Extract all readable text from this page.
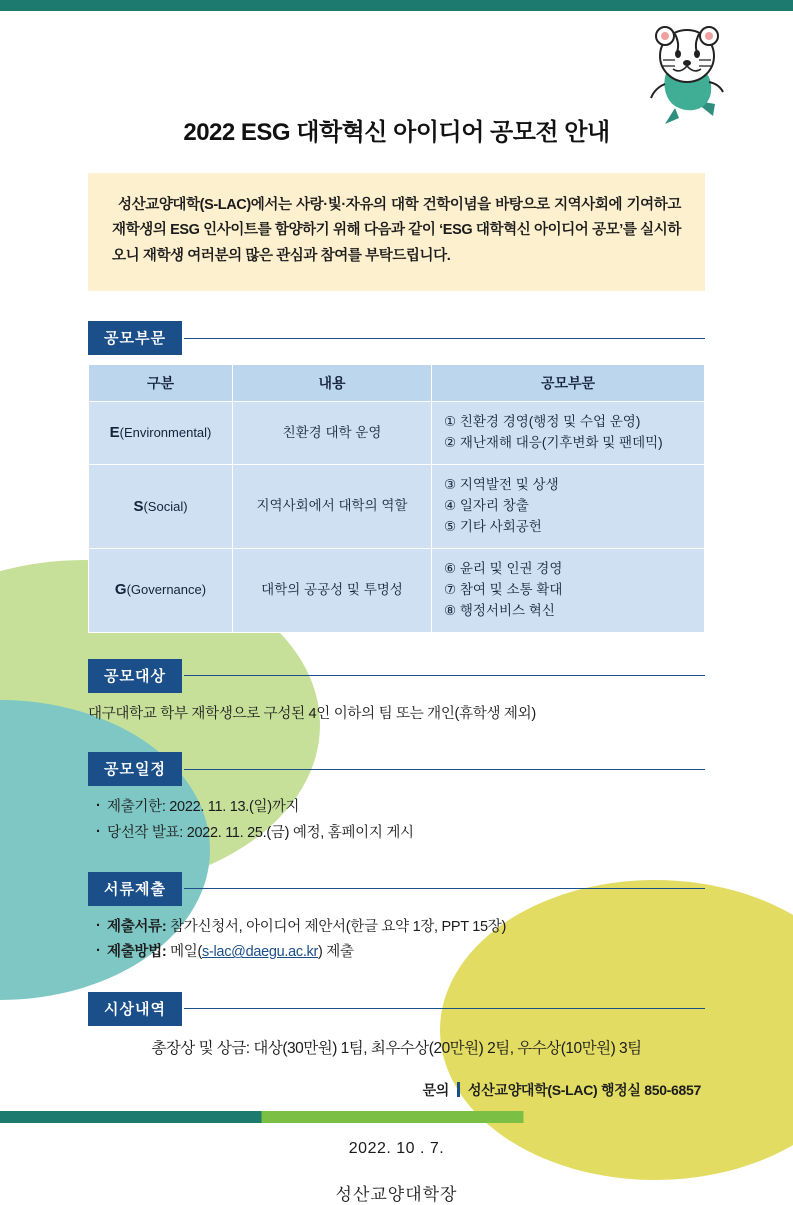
2022 ESG 대학혁신 아이디어 공모전 안내

성산교양대학(S-LAC)에서는 사랑·빛·자유의 대학 건학이념을 바탕으로 지역사회에 기여하고 재학생의 ESG 인사이트를 함양하기 위해 다음과 같이 ‘ESG 대학혁신 아이디어 공모’를 실시하오니 재학생 여러분의 많은 관심과 참여를 부탁드립니다.

공모부문
구분	내용	공모부문
E(Environmental)	친환경 대학 운영	① 친환경 경영(행정 및 수업 운영)
② 재난재해 대응(기후변화 및 팬데믹)

S(Social)	지역사회에서 대학의 역할	③ 지역발전 및 상생
④ 일자리 창출
⑤ 기타 사회공헌

G(Governance)	대학의 공공성 및 투명성	⑥ 윤리 및 인권 경영
⑦ 참여 및 소통 확대
⑧ 행정서비스 혁신
공모대상

대구대학교 학부 재학생으로 구성된 4인 이하의 팀 또는 개인(휴학생 제외)

공모일정
· 제출기한: 2022. 11. 13.(일)까지
· 당선작 발표: 2022. 11. 25.(금) 예정, 홈페이지 게시
서류제출
· 제출서류: 참가신청서, 아이디어 제안서(한글 요약 1장, PPT 15장)
· 제출방법: 메일(s-lac@daegu.ac.kr) 제출
시상내역

총장상 및 상금: 대상(30만원) 1팀, 최우수상(20만원) 2팀, 우수상(10만원) 3팀

문의 성산교양대학(S-LAC) 행정실 850-6857

2022. 10 . 7.

성산교양대학장
